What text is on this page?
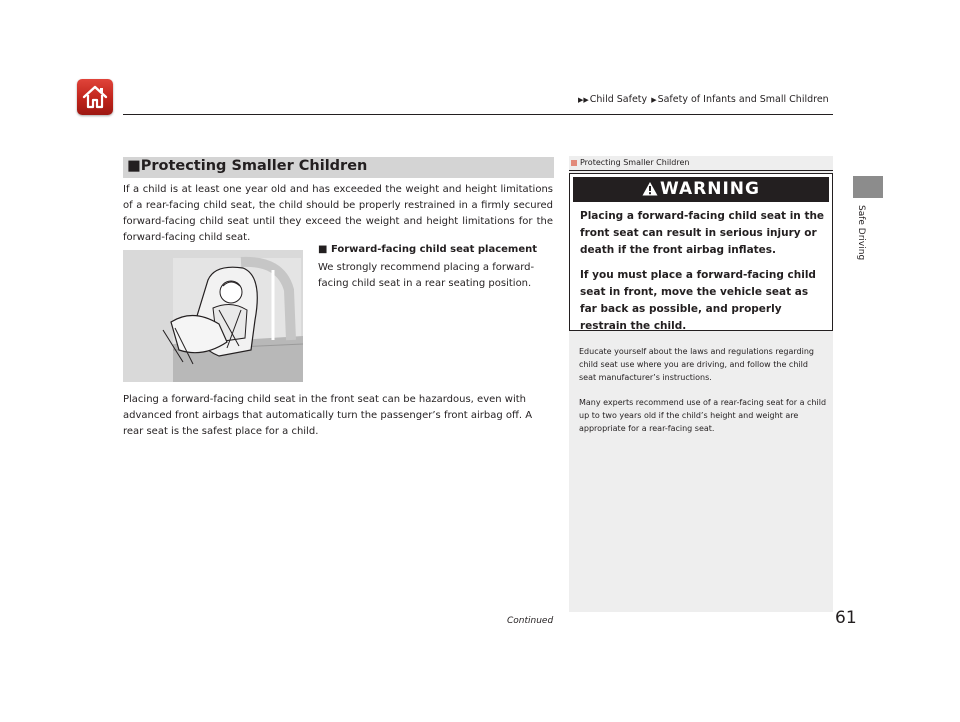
▶▶Child Safety ▶Safety of Infants and Small Children
Safe Driving
■Protecting Smaller Children

If a child is at least one year old and has exceeded the weight and height limitations of a rear-facing child seat, the child should be properly restrained in a firmly secured forward-facing child seat until they exceed the weight and height limitations for the forward-facing child seat.

■ Forward-facing child seat placement

We strongly recommend placing a forward-facing child seat in a rear seating position.

Placing a forward-facing child seat in the front seat can be hazardous, even with advanced front airbags that automatically turn the passenger’s front airbag off. A rear seat is the safest place for a child.

Continued	61
Protecting Smaller Children
WARNING

Placing a forward-facing child seat in the front seat can result in serious injury or death if the front airbag inflates.

If you must place a forward-facing child seat in front, move the vehicle seat as far back as possible, and properly restrain the child.

Educate yourself about the laws and regulations regarding child seat use where you are driving, and follow the child seat manufacturer’s instructions.

Many experts recommend use of a rear-facing seat for a child up to two years old if the child’s height and weight are appropriate for a rear-facing seat.
